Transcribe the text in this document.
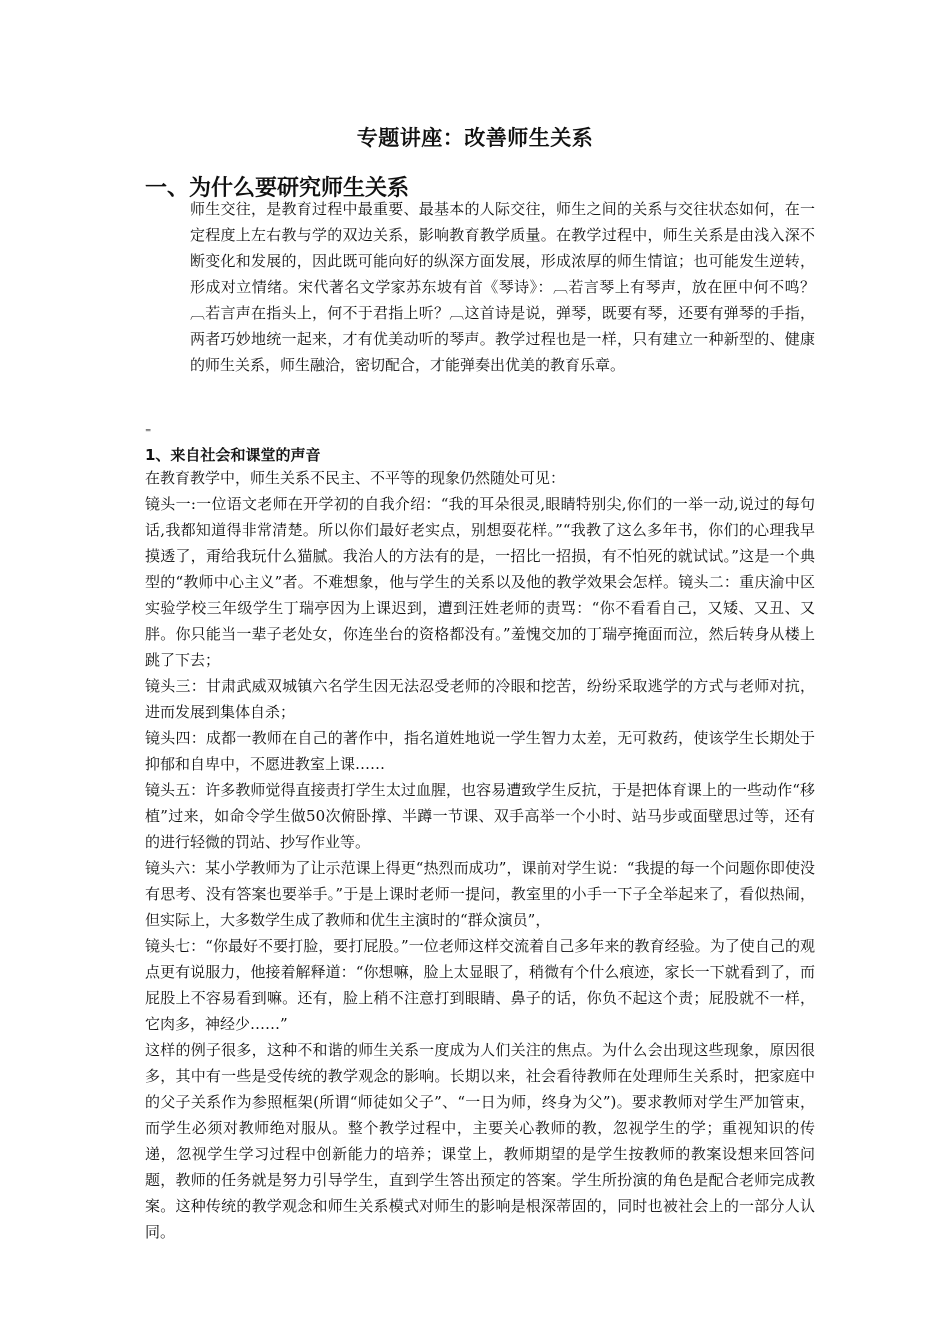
专题讲座：改善师生关系
一、为什么要研究师生关系
师生交往，是教育过程中最重要、最基本的人际交往，师生之间的关系与交往状态如何，在一定程度上左右教与学的双边关系，影响教育教学质量。在教学过程中，师生关系是由浅入深不断变化和发展的，因此既可能向好的纵深方面发展，形成浓厚的师生情谊；也可能发生逆转，形成对立情绪。宋代著名文学家苏东坡有首《琴诗》：︹若言琴上有琴声，放在匣中何不鸣？︹若言声在指头上，何不于君指上听？︹这首诗是说，弹琴，既要有琴，还要有弹琴的手指，两者巧妙地统一起来，才有优美动听的琴声。教学过程也是一样，只有建立一种新型的、健康的师生关系，师生融洽，密切配合，才能弹奏出优美的教育乐章。
⁼
1、来自社会和课堂的声音

在教育教学中，师生关系不民主、不平等的现象仍然随处可见：

镜头一:一位语文老师在开学初的自我介绍：“我的耳朵很灵,眼睛特别尖,你们的一举一动,说过的每句话,我都知道得非常清楚。所以你们最好老实点，别想耍花样。”“我教了这么多年书，你们的心理我早摸透了，甭给我玩什么猫腻。我治人的方法有的是，一招比一招损，有不怕死的就试试。”这是一个典型的“教师中心主义”者。不难想象，他与学生的关系以及他的教学效果会怎样。镜头二：重庆渝中区实验学校三年级学生丁瑞亭因为上课迟到，遭到汪姓老师的责骂：“你不看看自己，又矮、又丑、又胖。你只能当一辈子老处女，你连坐台的资格都没有。”羞愧交加的丁瑞亭掩面而泣，然后转身从楼上跳了下去；

镜头三：甘肃武威双城镇六名学生因无法忍受老师的冷眼和挖苦，纷纷采取逃学的方式与老师对抗，进而发展到集体自杀；

镜头四：成都一教师在自己的著作中，指名道姓地说一学生智力太差，无可救药，使该学生长期处于抑郁和自卑中，不愿进教室上课……

镜头五：许多教师觉得直接责打学生太过血腥，也容易遭致学生反抗，于是把体育课上的一些动作“移植”过来，如命令学生做50次俯卧撑、半蹲一节课、双手高举一个小时、站马步或面壁思过等，还有的进行轻微的罚站、抄写作业等。

镜头六：某小学教师为了让示范课上得更“热烈而成功”，课前对学生说：“我提的每一个问题你即使没有思考、没有答案也要举手。”于是上课时老师一提问，教室里的小手一下子全举起来了，看似热闹，但实际上，大多数学生成了教师和优生主演时的“群众演员”，

镜头七：“你最好不要打脸，要打屁股。”一位老师这样交流着自己多年来的教育经验。为了使自己的观点更有说服力，他接着解释道：“你想嘛，脸上太显眼了，稍微有个什么痕迹，家长一下就看到了，而屁股上不容易看到嘛。还有，脸上稍不注意打到眼睛、鼻子的话，你负不起这个责；屁股就不一样，它肉多，神经少……”

这样的例子很多，这种不和谐的师生关系一度成为人们关注的焦点。为什么会出现这些现象，原因很多，其中有一些是受传统的教学观念的影响。长期以来，社会看待教师在处理师生关系时，把家庭中的父子关系作为参照框架(所谓“师徒如父子”、“一日为师，终身为父”)。要求教师对学生严加管束，而学生必须对教师绝对服从。整个教学过程中，主要关心教师的教，忽视学生的学；重视知识的传递，忽视学生学习过程中创新能力的培养；课堂上，教师期望的是学生按教师的教案设想来回答问题，教师的任务就是努力引导学生，直到学生答出预定的答案。学生所扮演的角色是配合老师完成教案。这种传统的教学观念和师生关系模式对师生的影响是根深蒂固的，同时也被社会上的一部分人认同。
